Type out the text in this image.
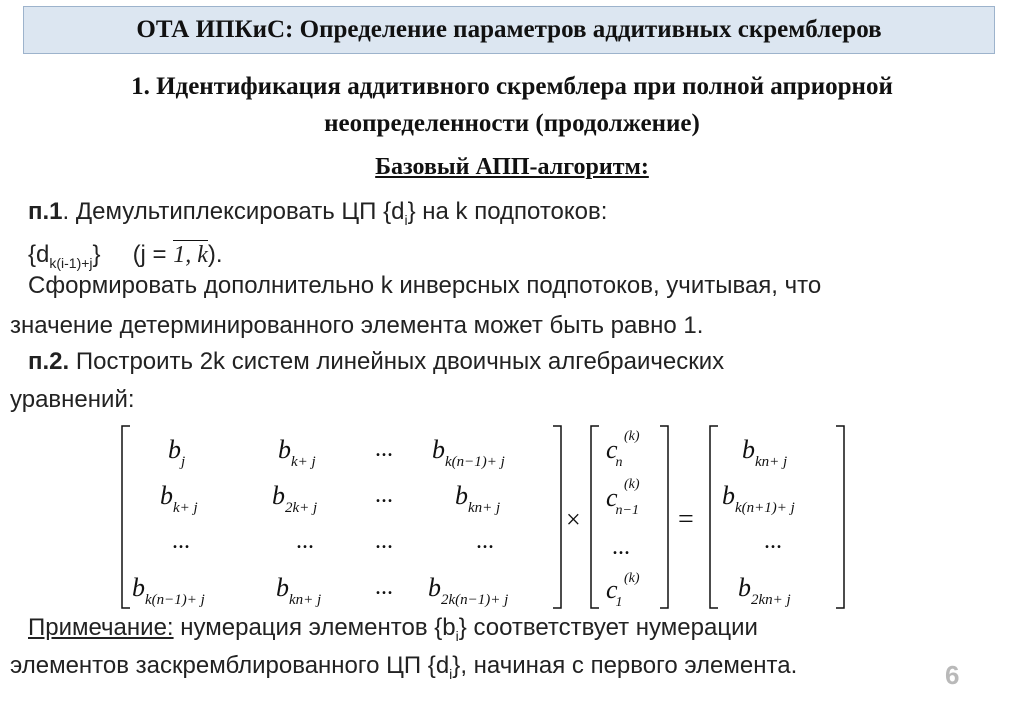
ОТА ИПКиС: Определение параметров аддитивных скремблеров
1. Идентификация аддитивного скремблера при полной априорной
неопределенности (продолжение)
Базовый АПП-алгоритм:
п.1. Демультиплексировать ЦП $\{d_i\}$ на k подпотоков:
$\{d_{k(i-1)+j}\} (j = 1$, k).
Сформировать дополнительно k инверсных подпотоков, учитывая, что
значение детерминированного элемента может быть равно 1.
п.2. Построить 2k систем линейных двоичных алгебраических
уравнений:
$b_j$	$b_{k+ j}$ ... $b_{k(n-1)+ j}$
$b_{k+ j}$	$b_{2k+ j}$ ... $b_{kn+ j}$
...	...	...	...
$b_{k(n-1)+ j}$	$b_{kn+ j}$ ... $b_{2k(n-1)+ j}$
×
cn
(k)
cn−1
(k)
...
c1
(k)
=
$b_{kn+ j}$
$b_{k(n+1)+ j}$
...
$b_{2kn+ j}$
Примечание: нумерация элементов $\{b_i\}$ соответствует нумерации
элементов заскремблированного ЦП $\{d_i\}$, начиная с первого элемента.	6
